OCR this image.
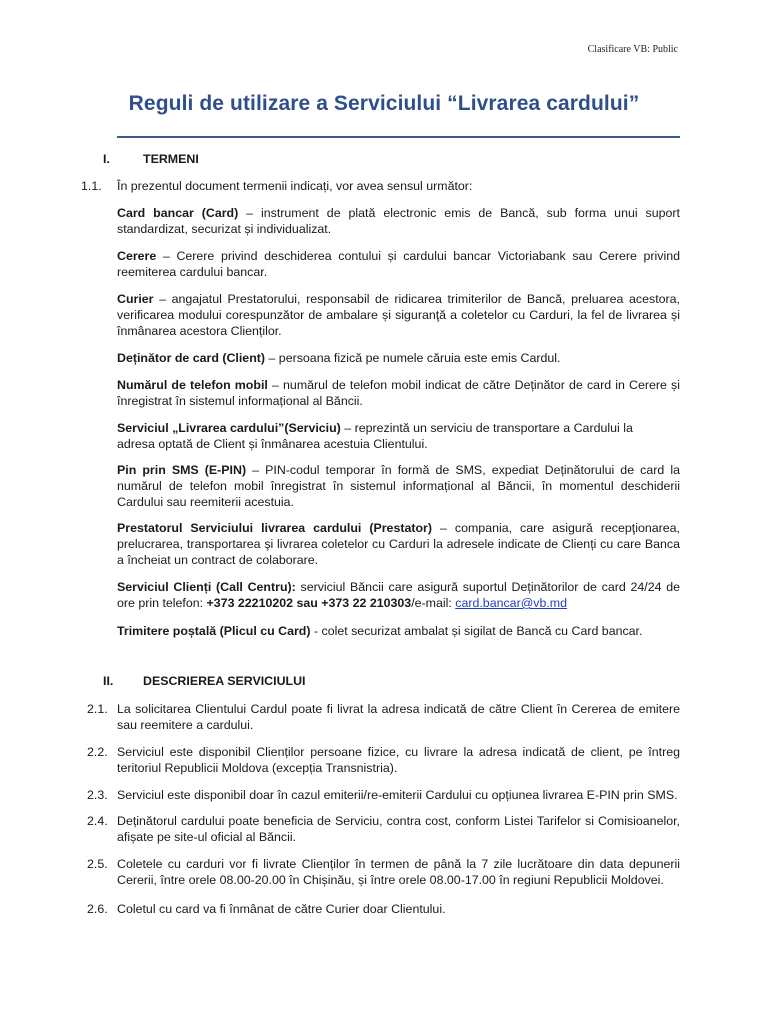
Clasificare VB: Public
Reguli de utilizare a Serviciului “Livrarea cardului”
I.	TERMENI
1.1. În prezentul document termenii indicați, vor avea sensul următor:
Card bancar (Card) – instrument de plată electronic emis de Bancă, sub forma unui suport standardizat, securizat și individualizat.
Cerere – Cerere privind deschiderea contului și cardului bancar Victoriabank sau Cerere privind reemiterea cardului bancar.
Curier – angajatul Prestatorului, responsabil de ridicarea trimiterilor de Bancă, preluarea acestora, verificarea modului corespunzător de ambalare și siguranţă a coletelor cu Carduri, la fel de livrarea și înmânarea acestora Clienților.
Deținător de card (Client) – persoana fizică pe numele căruia este emis Cardul.
Numărul de telefon mobil – numărul de telefon mobil indicat de către Deținător de card in Cerere și înregistrat în sistemul informațional al Băncii.
Serviciul „Livrarea cardului”(Serviciu) – reprezintă un serviciu de transportare a Cardului la adresa optată de Client și înmânarea acestuia Clientului.
Pin prin SMS (E-PIN) – PIN-codul temporar în formă de SMS, expediat Deținătorului de card la numărul de telefon mobil înregistrat în sistemul informațional al Băncii, în momentul deschiderii Cardului sau reemiterii acestuia.
Prestatorul Serviciului livrarea cardului (Prestator) – compania, care asigură recepţionarea, prelucrarea, transportarea şi livrarea coletelor cu Carduri la adresele indicate de Clienți cu care Banca a încheiat un contract de colaborare.
Serviciul Clienți (Call Centru): serviciul Băncii care asigură suportul Deținătorilor de card 24/24 de ore prin telefon: +373 22210202 sau +373 22 210303/e-mail: card.bancar@vb.md
Trimitere poștală (Plicul cu Card) - colet securizat ambalat și sigilat de Bancă cu Card bancar.
II. DESCRIEREA SERVICIULUI
2.1. La solicitarea Clientului Cardul poate fi livrat la adresa indicată de către Client în Cererea de emitere sau reemitere a cardului.
2.2. Serviciul este disponibil Clienților persoane fizice, cu livrare la adresa indicată de client, pe întreg teritoriul Republicii Moldova (excepția Transnistria).
2.3. Serviciul este disponibil doar în cazul emiterii/re-emiterii Cardului cu opțiunea livrarea E-PIN prin SMS.
2.4. Deținătorul cardului poate beneficia de Serviciu, contra cost, conform Listei Tarifelor si Comisioanelor, afișate pe site-ul oficial al Băncii.
2.5. Coletele cu carduri vor fi livrate Clienților în termen de până la 7 zile lucrătoare din data depunerii Cererii, între orele 08.00-20.00 în Chișinău, și între orele 08.00-17.00 în regiuni Republicii Moldovei.
2.6. Coletul cu card va fi înmânat de către Curier doar Clientului.
